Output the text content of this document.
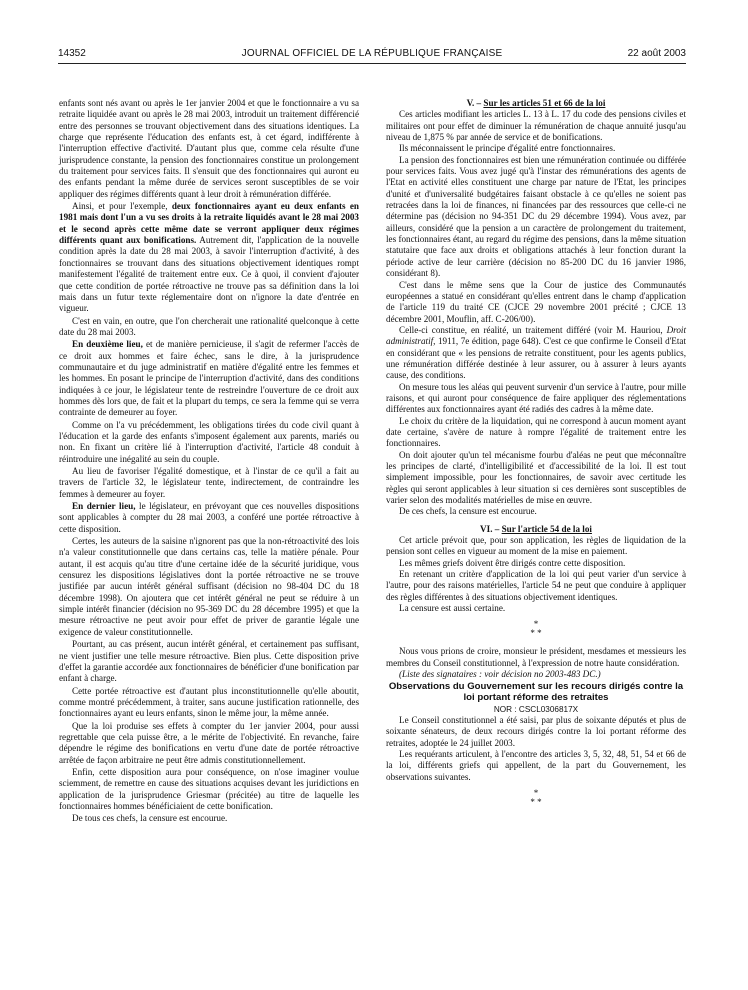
14352	JOURNAL OFFICIEL DE LA RÉPUBLIQUE FRANÇAISE	22 août 2003

enfants sont nés avant ou après le 1er janvier 2004 et que le fonctionnaire a vu sa retraite liquidée avant ou après le 28 mai 2003, introduit un traitement différencié entre des personnes se trouvant objectivement dans des situations identiques. La charge que représente l'éducation des enfants est, à cet égard, indifférente à l'interruption effective d'activité. D'autant plus que, comme cela résulte d'une jurisprudence constante, la pension des fonctionnaires constitue un prolongement du traitement pour services faits. Il s'ensuit que des fonctionnaires qui auront eu des enfants pendant la même durée de services seront susceptibles de se voir appliquer des régimes différents quant à leur droit à rémunération différée.

Ainsi, et pour l'exemple, deux fonctionnaires ayant eu deux enfants en 1981 mais dont l'un a vu ses droits à la retraite liquidés avant le 28 mai 2003 et le second après cette même date se verront appliquer deux régimes différents quant aux bonifications. Autrement dit, l'application de la nouvelle condition après la date du 28 mai 2003, à savoir l'interruption d'activité, à des fonctionnaires se trouvant dans des situations objectivement identiques rompt manifestement l'égalité de traitement entre eux. Ce à quoi, il convient d'ajouter que cette condition de portée rétroactive ne trouve pas sa définition dans la loi mais dans un futur texte réglementaire dont on n'ignore la date d'entrée en vigueur.

C'est en vain, en outre, que l'on chercherait une rationalité quelconque à cette date du 28 mai 2003.

En deuxième lieu, et de manière pernicieuse, il s'agit de refermer l'accès de ce droit aux hommes et faire échec, sans le dire, à la jurisprudence communautaire et du juge administratif en matière d'égalité entre les femmes et les hommes. En posant le principe de l'interruption d'activité, dans des conditions indiquées à ce jour, le législateur tente de restreindre l'ouverture de ce droit aux hommes dès lors que, de fait et la plupart du temps, ce sera la femme qui se verra contrainte de demeurer au foyer.

Comme on l'a vu précédemment, les obligations tirées du code civil quant à l'éducation et la garde des enfants s'imposent également aux parents, mariés ou non. En fixant un critère lié à l'interruption d'activité, l'article 48 conduit à réintroduire une inégalité au sein du couple.

Au lieu de favoriser l'égalité domestique, et à l'instar de ce qu'il a fait au travers de l'article 32, le législateur tente, indirectement, de contraindre les femmes à demeurer au foyer.

En dernier lieu, le législateur, en prévoyant que ces nouvelles dispositions sont applicables à compter du 28 mai 2003, a conféré une portée rétroactive à cette disposition.

Certes, les auteurs de la saisine n'ignorent pas que la non-rétroactivité des lois n'a valeur constitutionnelle que dans certains cas, telle la matière pénale. Pour autant, il est acquis qu'au titre d'une certaine idée de la sécurité juridique, vous censurez les dispositions législatives dont la portée rétroactive ne se trouve justifiée par aucun intérêt général suffisant (décision no 98-404 DC du 18 décembre 1998). On ajoutera que cet intérêt général ne peut se réduire à un simple intérêt financier (décision no 95-369 DC du 28 décembre 1995) et que la mesure rétroactive ne peut avoir pour effet de priver de garantie légale une exigence de valeur constitutionnelle.

Pourtant, au cas présent, aucun intérêt général, et certainement pas suffisant, ne vient justifier une telle mesure rétroactive. Bien plus. Cette disposition prive d'effet la garantie accordée aux fonctionnaires de bénéficier d'une bonification par enfant à charge.

Cette portée rétroactive est d'autant plus inconstitutionnelle qu'elle aboutit, comme montré précédemment, à traiter, sans aucune justification rationnelle, des fonctionnaires ayant eu leurs enfants, sinon le même jour, la même année.

Que la loi produise ses effets à compter du 1er janvier 2004, pour aussi regrettable que cela puisse être, a le mérite de l'objectivité. En revanche, faire dépendre le régime des bonifications en vertu d'une date de portée rétroactive arrêtée de façon arbitraire ne peut être admis constitutionnellement.

Enfin, cette disposition aura pour conséquence, on n'ose imaginer voulue sciemment, de remettre en cause des situations acquises devant les juridictions en application de la jurisprudence Griesmar (précitée) au titre de laquelle les fonctionnaires hommes bénéficiaient de cette bonification.

De tous ces chefs, la censure est encourue.

V. – Sur les articles 51 et 66 de la loi

Ces articles modifiant les articles L. 13 à L. 17 du code des pensions civiles et militaires ont pour effet de diminuer la rémunération de chaque annuité jusqu'au niveau de 1,875 % par année de service et de bonifications.

Ils méconnaissent le principe d'égalité entre fonctionnaires.

La pension des fonctionnaires est bien une rémunération continuée ou différée pour services faits. Vous avez jugé qu'à l'instar des rémunérations des agents de l'Etat en activité elles constituent une charge par nature de l'Etat, les principes d'unité et d'universalité budgétaires faisant obstacle à ce qu'elles ne soient pas retracées dans la loi de finances, ni financées par des ressources que celle-ci ne détermine pas (décision no 94-351 DC du 29 décembre 1994). Vous avez, par ailleurs, considéré que la pension a un caractère de prolongement du traitement, les fonctionnaires étant, au regard du régime des pensions, dans la même situation statutaire que face aux droits et obligations attachés à leur fonction durant la période active de leur carrière (décision no 85-200 DC du 16 janvier 1986, considérant 8).

C'est dans le même sens que la Cour de justice des Communautés européennes a statué en considérant qu'elles entrent dans le champ d'application de l'article 119 du traité CE (CJCE 29 novembre 2001 précité ; CJCE 13 décembre 2001, Mouflin, aff. C-206/00).

Celle-ci constitue, en réalité, un traitement différé (voir M. Hauriou, Droit administratif, 1911, 7e édition, page 648). C'est ce que confirme le Conseil d'Etat en considérant que « les pensions de retraite constituent, pour les agents publics, une rémunération différée destinée à leur assurer, ou à assurer à leurs ayants cause, des conditions.

On mesure tous les aléas qui peuvent survenir d'un service à l'autre, pour mille raisons, et qui auront pour conséquence de faire appliquer des réglementations différentes aux fonctionnaires ayant été radiés des cadres à la même date.

Le choix du critère de la liquidation, qui ne correspond à aucun moment ayant date certaine, s'avère de nature à rompre l'égalité de traitement entre les fonctionnaires.

On doit ajouter qu'un tel mécanisme fourbu d'aléas ne peut que méconnaître les principes de clarté, d'intelligibilité et d'accessibilité de la loi. Il est tout simplement impossible, pour les fonctionnaires, de savoir avec certitude les règles qui seront applicables à leur situation si ces dernières sont susceptibles de varier selon des modalités matérielles de mise en œuvre.

De ces chefs, la censure est encourue.

VI. – Sur l'article 54 de la loi

Cet article prévoit que, pour son application, les règles de liquidation de la pension sont celles en vigueur au moment de la mise en paiement.

Les mêmes griefs doivent être dirigés contre cette disposition.

En retenant un critère d'application de la loi qui peut varier d'un service à l'autre, pour des raisons matérielles, l'article 54 ne peut que conduire à appliquer des règles différentes à des situations objectivement identiques.

La censure est aussi certaine.

*
* *

Nous vous prions de croire, monsieur le président, mesdames et messieurs les membres du Conseil constitutionnel, à l'expression de notre haute considération.

(Liste des signataires : voir décision no 2003-483 DC.)

Observations du Gouvernement sur les recours dirigés contre la loi portant réforme des retraites

NOR : CSCL0306817X

Le Conseil constitutionnel a été saisi, par plus de soixante députés et plus de soixante sénateurs, de deux recours dirigés contre la loi portant réforme des retraites, adoptée le 24 juillet 2003.

Les requérants articulent, à l'encontre des articles 3, 5, 32, 48, 51, 54 et 66 de la loi, différents griefs qui appellent, de la part du Gouvernement, les observations suivantes.

*
* *
